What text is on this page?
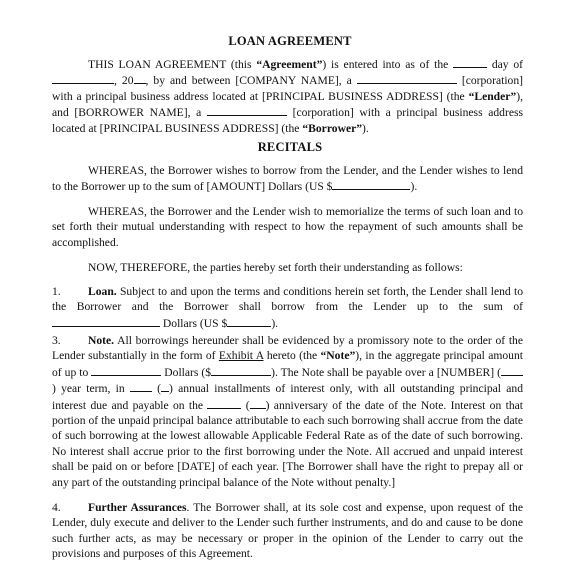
LOAN AGREEMENT

THIS LOAN AGREEMENT (this “Agreement”) is entered into as of the	day of , 20 , by and between [COMPANY NAME], a	[corporation] with a principal business address located at [PRINCIPAL BUSINESS ADDRESS] (the “Lender”), and [BORROWER NAME], a	[corporation] with a principal business address located at [PRINCIPAL BUSINESS ADDRESS] (the “Borrower”).

RECITALS

WHEREAS, the Borrower wishes to borrow from the Lender, and the Lender wishes to lend to the Borrower up to the sum of [AMOUNT] Dollars (US $	).

WHEREAS, the Borrower and the Lender wish to memorialize the terms of such loan and to set forth their mutual understanding with respect to how the repayment of such amounts shall be accomplished.

NOW, THEREFORE, the parties hereby set forth their understanding as follows:

1. Loan. Subject to and upon the terms and conditions herein set forth, the Lender shall lend to the Borrower and the Borrower shall borrow from the Lender up to the sum of  Dollars (US $	).

3. Note. All borrowings hereunder shall be evidenced by a promissory note to the order of the Lender substantially in the form of Exhibit A hereto (the “Note”), in the aggregate principal amount of up to	Dollars ($	). The Note shall be payable over a [NUMBER] () year term, in  ( ) annual installments of interest only, with all outstanding principal and interest due and payable on the	( ) anniversary of the date of the Note. Interest on that portion of the unpaid principal balance attributable to each such borrowing shall accrue from the date of such borrowing at the lowest allowable Applicable Federal Rate as of the date of such borrowing. No interest shall accrue prior to the first borrowing under the Note. All accrued and unpaid interest shall be paid on or before [DATE] of each year. [The Borrower shall have the right to prepay all or any part of the outstanding principal balance of the Note without penalty.]

4. Further Assurances. The Borrower shall, at its sole cost and expense, upon request of the Lender, duly execute and deliver to the Lender such further instruments, and do and cause to be done such further acts, as may be necessary or proper in the opinion of the Lender to carry out the provisions and purposes of this Agreement.
